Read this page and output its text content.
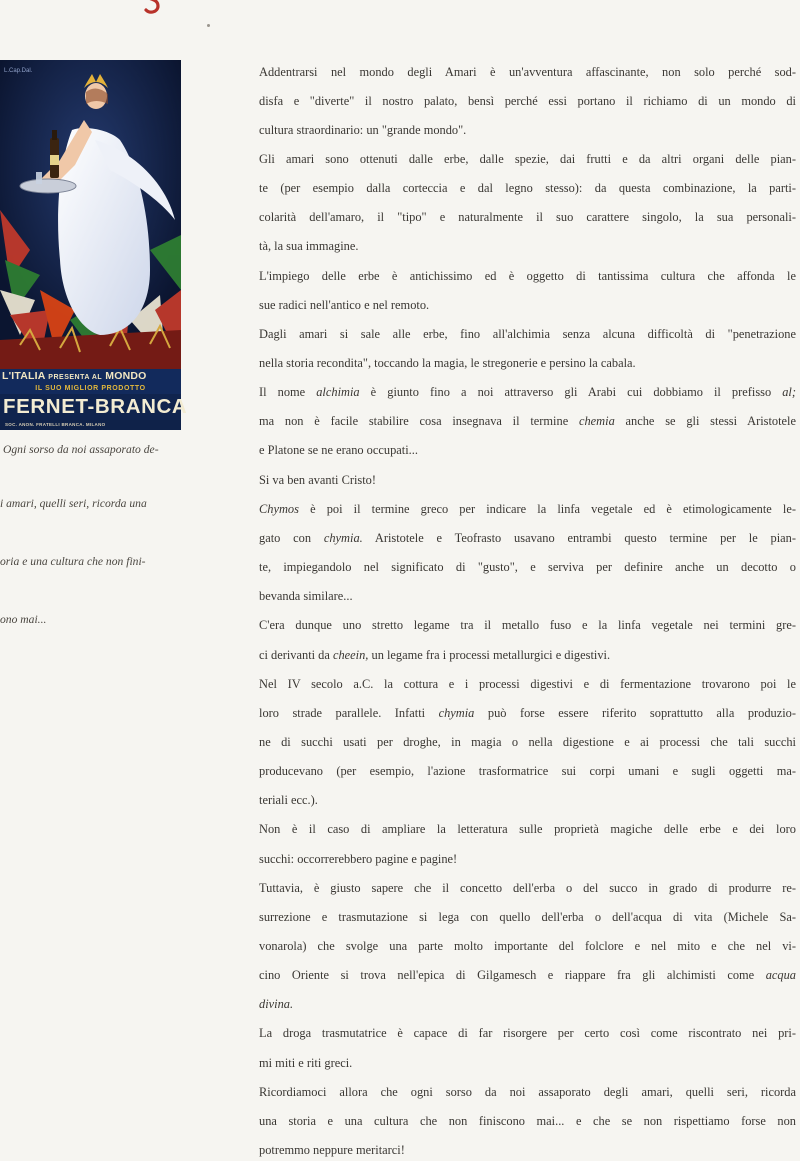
L.Cap.Dal.
L'ITALIA PRESENTA AL MONDO
IL SUO MIGLIOR PRODOTTO
FERNET-BRANCA
SOC. ANON. FRATELLI BRANCA. MILANO
Ogni sorso da noi assaporato de-
i amari, quelli seri, ricorda una
oria e una cultura che non fini-
ono mai...
Addentrarsi nel mondo degli Amari è un'avventura affascinante, non solo perché sod-
disfa e "diverte" il nostro palato, bensì perché essi portano il richiamo di un mondo di
cultura straordinario: un "grande mondo".
Gli amari sono ottenuti dalle erbe, dalle spezie, dai frutti e da altri organi delle pian-
te (per esempio dalla corteccia e dal legno stesso): da questa combinazione, la parti-
colarità dell'amaro, il "tipo" e naturalmente il suo carattere singolo, la sua personali-
tà, la sua immagine.
L'impiego delle erbe è antichissimo ed è oggetto di tantissima cultura che affonda le
sue radici nell'antico e nel remoto.
Dagli amari si sale alle erbe, fino all'alchimia senza alcuna difficoltà di "penetrazione
nella storia recondita", toccando la magia, le stregonerie e persino la cabala.
Il nome alchimia è giunto fino a noi attraverso gli Arabi cui dobbiamo il prefisso al;
ma non è facile stabilire cosa insegnava il termine chemia anche se gli stessi Aristotele
e Platone se ne erano occupati...
Si va ben avanti Cristo!
Chymos è poi il termine greco per indicare la linfa vegetale ed è etimologicamente le-
gato con chymia. Aristotele e Teofrasto usavano entrambi questo termine per le pian-
te, impiegandolo nel significato di "gusto", e serviva per definire anche un decotto o
bevanda similare...
C'era dunque uno stretto legame tra il metallo fuso e la linfa vegetale nei termini gre-
ci derivanti da cheein, un legame fra i processi metallurgici e digestivi.
Nel IV secolo a.C. la cottura e i processi digestivi e di fermentazione trovarono poi le
loro strade parallele. Infatti chymia può forse essere riferito soprattutto alla produzio-
ne di succhi usati per droghe, in magia o nella digestione e ai processi che tali succhi
producevano (per esempio, l'azione trasformatrice sui corpi umani e sugli oggetti ma-
teriali ecc.).
Non è il caso di ampliare la letteratura sulle proprietà magiche delle erbe e dei loro
succhi: occorrerebbero pagine e pagine!
Tuttavia, è giusto sapere che il concetto dell'erba o del succo in grado di produrre re-
surrezione e trasmutazione si lega con quello dell'erba o dell'acqua di vita (Michele Sa-
vonarola) che svolge una parte molto importante del folclore e nel mito e che nel vi-
cino Oriente si trova nell'epica di Gilgamesch e riappare fra gli alchimisti come acqua
divina.
La droga trasmutatrice è capace di far risorgere per certo così come riscontrato nei pri-
mi miti e riti greci.
Ricordiamoci allora che ogni sorso da noi assaporato degli amari, quelli seri, ricorda
una storia e una cultura che non finiscono mai... e che se non rispettiamo forse non
potremmo neppure meritarci!
